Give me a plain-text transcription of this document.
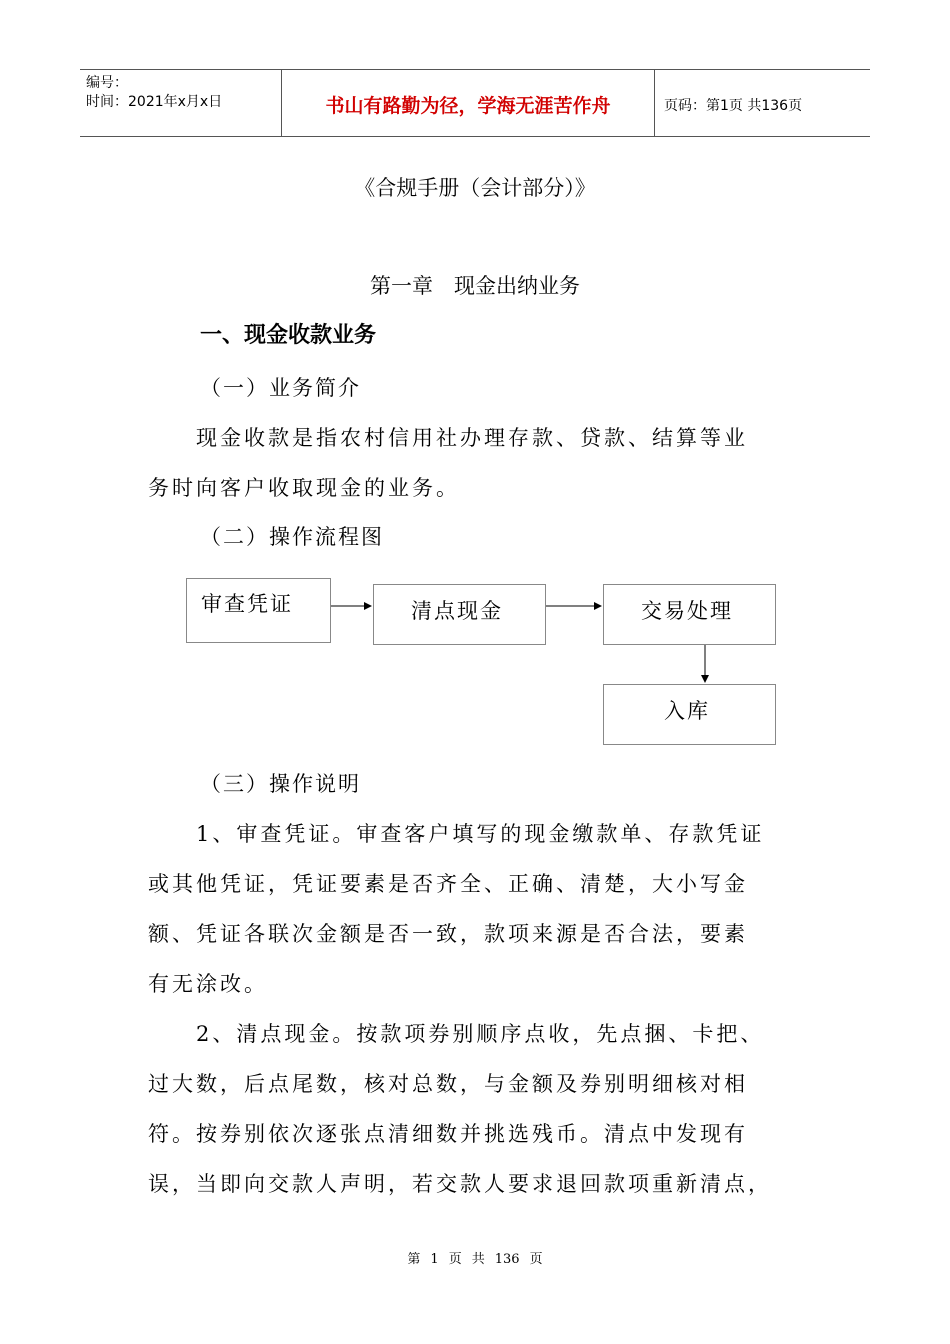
编号：
时间：2021年x月x日	书山有路勤为径，学海无涯苦作舟	页码：第1页 共136页
《合规手册（会计部分）》
第一章　现金出纳业务
一、现金收款业务
（一）业务简介
现金收款是指农村信用社办理存款、贷款、结算等业
务时向客户收取现金的业务。
（二）操作流程图
审查凭证	清点现金	交易处理
入库
（三）操作说明
1、审查凭证。审查客户填写的现金缴款单、存款凭证
或其他凭证，凭证要素是否齐全、正确、清楚，大小写金
额、凭证各联次金额是否一致，款项来源是否合法，要素
有无涂改。
2、清点现金。按款项券别顺序点收，先点捆、卡把、
过大数，后点尾数，核对总数，与金额及券别明细核对相
符。按券别依次逐张点清细数并挑选残币。清点中发现有
误，当即向交款人声明，若交款人要求退回款项重新清点，
第 1 页 共 136 页
